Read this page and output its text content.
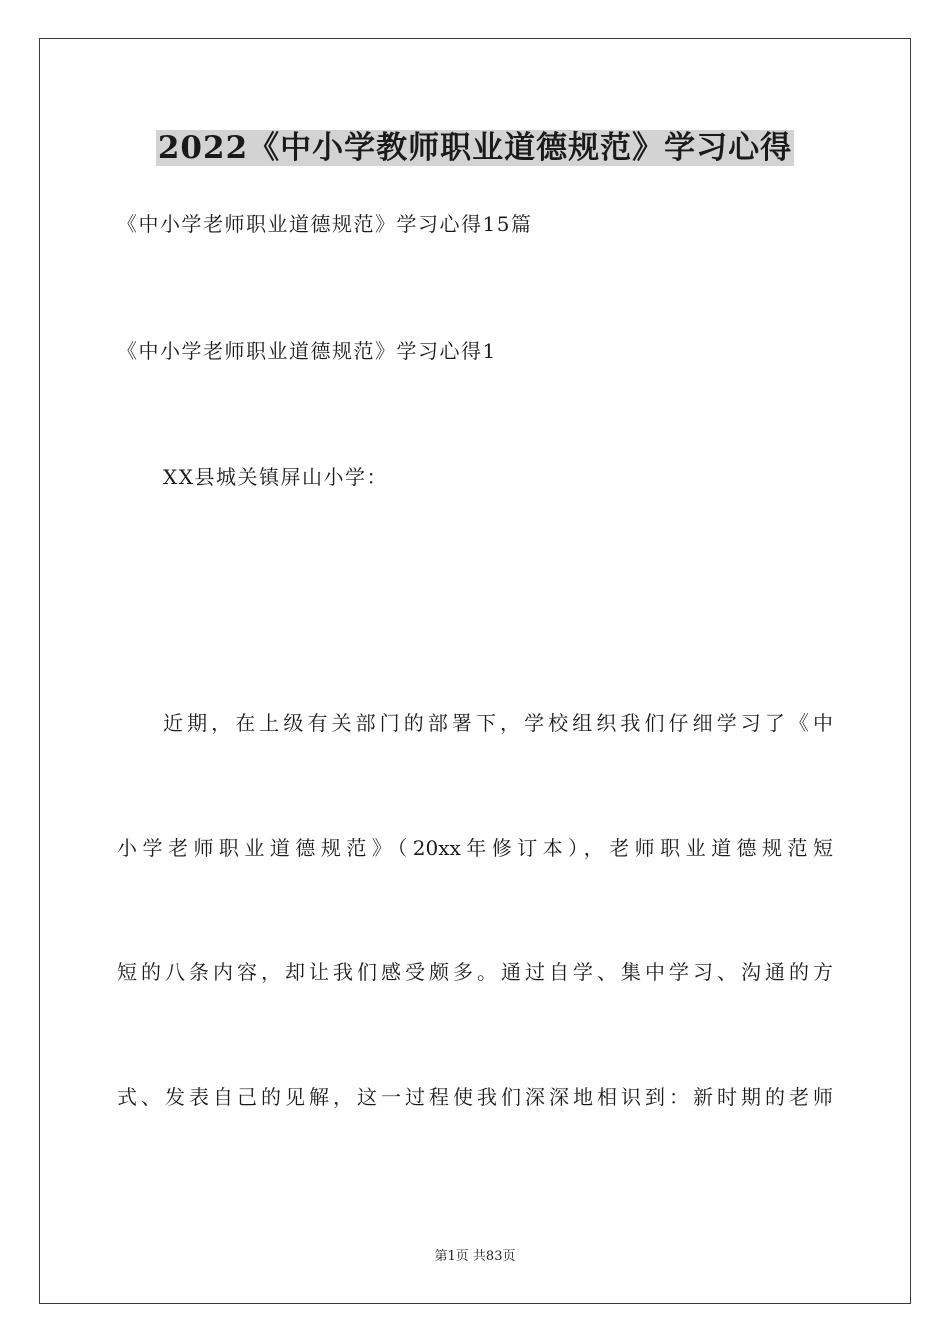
2022《中小学教师职业道德规范》学习心得
《中小学老师职业道德规范》学习心得15篇
《中小学老师职业道德规范》学习心得1
XX县城关镇屏山小学：
近期，在上级有关部门的部署下，学校组织我们仔细学习了《中
小学老师职业道德规范》（20xx年修订本），老师职业道德规范短
短的八条内容，却让我们感受颇多。通过自学、集中学习、沟通的方
式、发表自己的见解，这一过程使我们深深地相识到：新时期的老师
第1页 共83页
